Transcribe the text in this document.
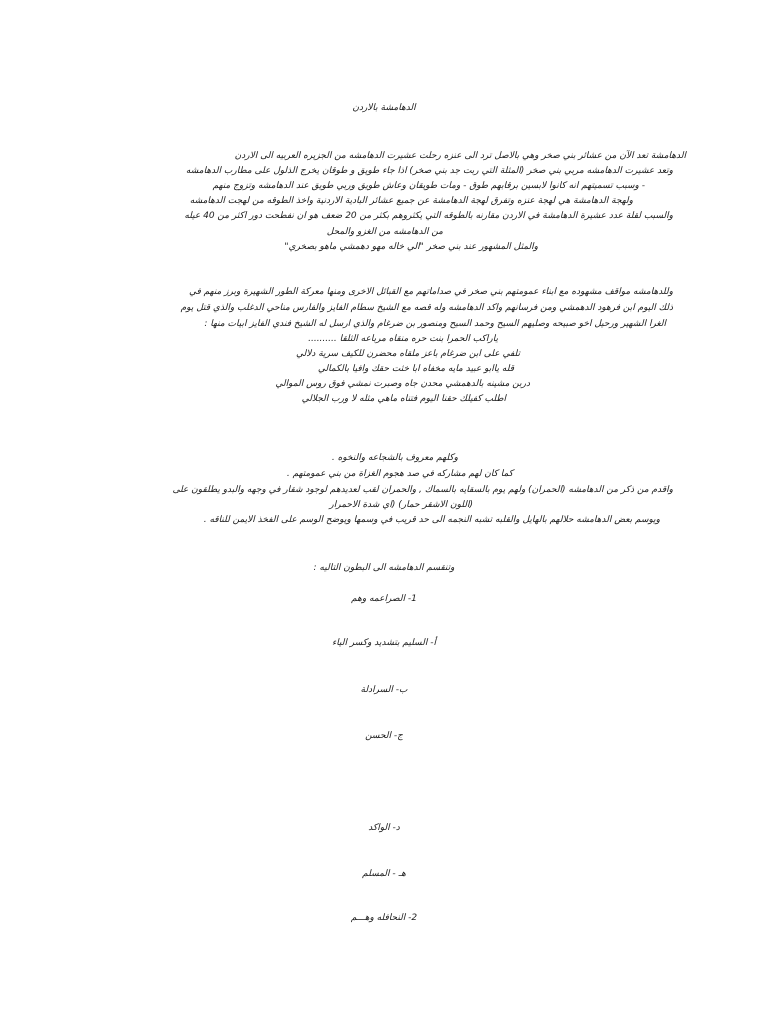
الدهامشة بالاردن
الدهامشة تعد الآن من عشائر بني صخر وهي بالاصل ترد الى عنزه رحلت عشيرت الدهامشه من الجزيره العربيه الى الاردن
وتعد عشيرت الدهامشه مربي بني صخر (المثلة التي ربت جد بني صخر) اذا جاء طويق و طوقان يخرج الذلول على مطارب الدهامشه
- وسبب تسميتهم انه كانوا لابسين برقابهم طوق - ومات طويقان وعاش طويق وربي طويق عند الدهامشه وتزوج منهم
ولهجة الدهامشة هي لهجة عنزه وتفرق لهجة الدهامشة عن جميع عشائر البادية الاردنية واخذ الطوقه من لهجت الدهامشه
والسبب لقلة عدد عشيرة الدهامشة في الاردن مقارنه بالطوقه التي يكثروهم بكثر من 20 ضعف هو ان نفطحت دور اكثر من 40 عيله
من الدهامشه من الغزو والمحل
والمثل المشهور عند بني صخر "الي خاله مهو دهمشي ماهو بصخري"
وللدهامشه مواقف مشهوده مع ابناء عمومتهم بني صخر في صداماتهم مع القبائل الاخرى ومنها معركة الطور الشهيرة وبرز منهم في
ذلك اليوم ابن فرهود الدهمشي ومن فرسانهم واكد الدهامشه وله قصه مع الشيخ سطام الفايز والفارس مناحي الدغلب والذي قتل يوم
الغرا الشهير ورحيل اخو صبيحه وصليهم السيح وحمد السيح ومنصور بن ضرغام والذي ارسل له الشيخ فندي الفايز ابيات منها :
ياراكب الحمرا بنت حره منقاه مرباعه الثلقا ..........
تلفي على ابن ضرغام باعز ملقاه محضرن للكيف سرية دلالي
قله ياابو عبيد مايه مخفاه ابا خثت حقك وافيا بالكمالي
دربن مشينه بالدهمشي محدن جاه وصبرت نمشي فوق روس الموالي
اطلب كفيلك حقنا اليوم فتناه ماهي مثله لا ورب الجلالي
وكلهم معروف بالشجاعه والنخوه .
كما كان لهم مشاركه في صد هجوم الغزاة من بني عمومتهم .
واقدم من ذكر من الدهامشه (الحمران) ولهم يوم بالسقايه بالسماك , والحمران لقب لعديدهم لوجود شقار في وجهه والبدو يطلقون على
(اللون الاشقر حمار) (اي شدة الاحمرار
ويوسم بعض الدهامشه حلالهم بالهايل والقلبه تشبه النجمه الى حد قريب في وسمها ويوضح الوسم على الفخذ الايمن للناقه .
وتنقسم الدهامشه الى البطون التاليه :
1- الصراعمه وهم
أ- السليم بتشديد وكسر الياء
ب- السرادلة
ج- الحسن
د- الواكد
هـ - المسلم
2- النحافله وهـــم
